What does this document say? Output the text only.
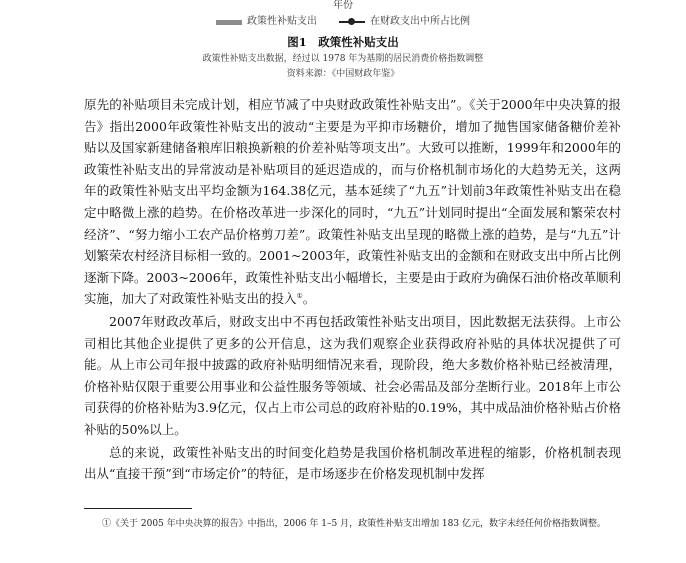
年份
政策性补贴支出	在财政支出中所占比例
图1　政策性补贴支出
政策性补贴支出数据，经过以 1978 年为基期的居民消费价格指数调整
资料来源：《中国财政年鉴》

原先的补贴项目未完成计划，相应节减了中央财政政策性补贴支出”。《关于2000年中央决算的报告》指出2000年政策性补贴支出的波动“主要是为平抑市场糖价，增加了抛售国家储备糖价差补贴以及国家新建储备粮库旧粮换新粮的价差补贴等项支出”。大致可以推断，1999年和2000年的政策性补贴支出的异常波动是补贴项目的延迟造成的，而与价格机制市场化的大趋势无关，这两年的政策性补贴支出平均金额为164.38亿元，基本延续了“九五”计划前3年政策性补贴支出在稳定中略微上涨的趋势。在价格改革进一步深化的同时，“九五”计划同时提出“全面发展和繁荣农村经济”、“努力缩小工农产品价格剪刀差”。政策性补贴支出呈现的略微上涨的趋势，是与“九五”计划繁荣农村经济目标相一致的。2001~2003年，政策性补贴支出的金额和在财政支出中所占比例逐渐下降。2003~2006年，政策性补贴支出小幅增长，主要是由于政府为确保石油价格改革顺利实施，加大了对政策性补贴支出的投入①。

2007年财政改革后，财政支出中不再包括政策性补贴支出项目，因此数据无法获得。上市公司相比其他企业提供了更多的公开信息，这为我们观察企业获得政府补贴的具体状况提供了可能。从上市公司年报中披露的政府补贴明细情况来看，现阶段，绝大多数价格补贴已经被清理，价格补贴仅限于重要公用事业和公益性服务等领域、社会必需品及部分垄断行业。2018年上市公司获得的价格补贴为3.9亿元，仅占上市公司总的政府补贴的0.19%，其中成品油价格补贴占价格补贴的50%以上。

总的来说，政策性补贴支出的时间变化趋势是我国价格机制改革进程的缩影，价格机制表现出从“直接干预”到“市场定价”的特征，是市场逐步在价格发现机制中发挥

①《关于 2005 年中央决算的报告》中指出，2006 年 1–5 月，政策性补贴支出增加 183 亿元，数字未经任何价格指数调整。
